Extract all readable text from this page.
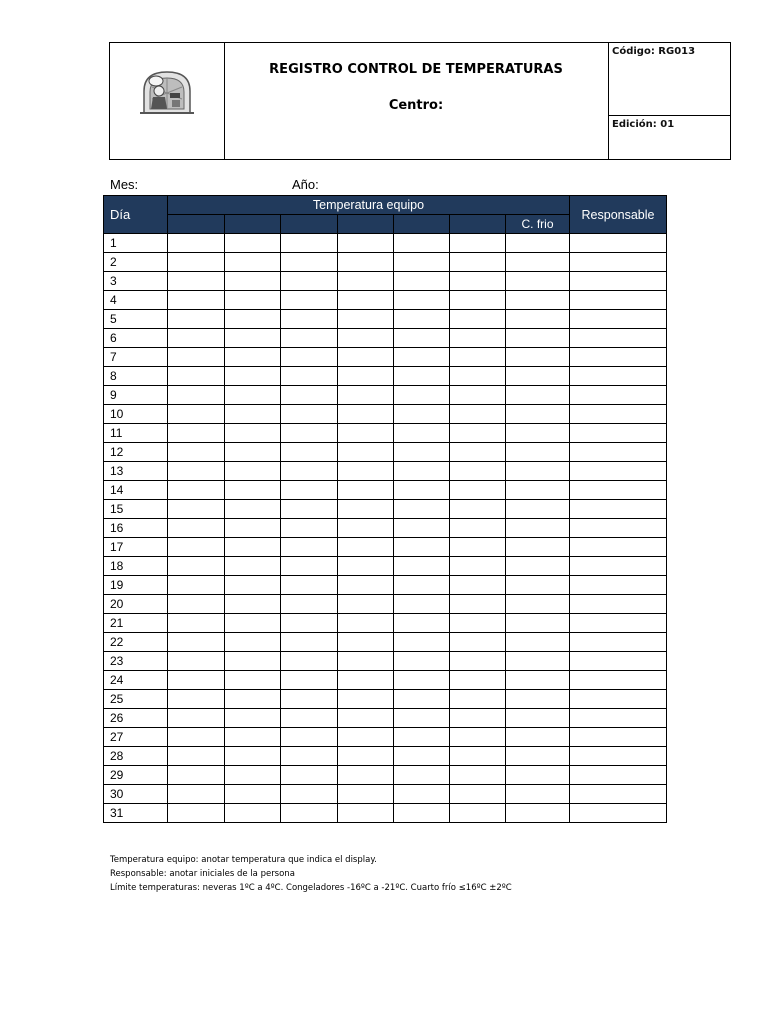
REGISTRO CONTROL DE TEMPERATURAS
Centro:
Código: RG013
Edición: 01
Mes:	Año:
Día	Temperatura equipo							Responsable
							C. frio	
1								
2								
3								
4								
5								
6								
7								
8								
9								
10								
11								
12								
13								
14								
15								
16								
17								
18								
19								
20								
21								
22								
23								
24								
25								
26								
27								
28								
29								
30								
31								
Temperatura equipo: anotar temperatura que indica el display.
Responsable: anotar iniciales de la persona
Límite temperaturas: neveras 1ºC a 4ºC. Congeladores -16ºC a -21ºC. Cuarto frío ≤16ºC ±2ºC
